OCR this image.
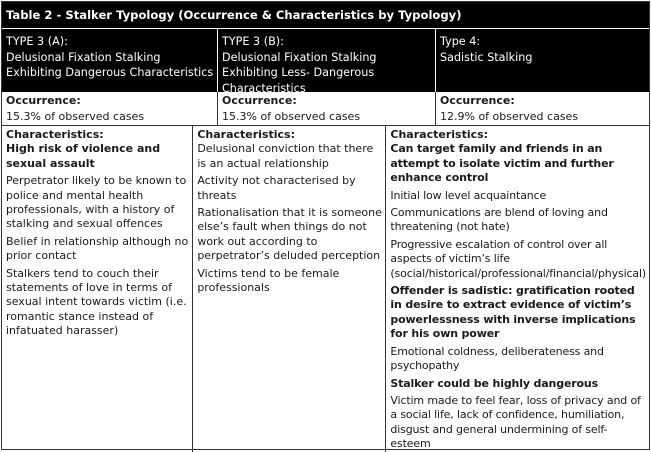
Table 2 - Stalker Typology (Occurrence & Characteristics by Typology)
TYPE 3 (A):
Delusional Fixation Stalking
Exhibiting Dangerous Characteristics
TYPE 3 (B):
Delusional Fixation Stalking
Exhibiting Less- Dangerous Characteristics
Type 4:
Sadistic Stalking
Occurrence:
15.3% of observed cases
Occurrence:
15.3% of observed cases
Occurrence:
12.9% of observed cases
Characteristics:
High risk of violence and sexual assault
Perpetrator likely to be known to police and mental health professionals, with a history of stalking and sexual offences
Belief in relationship although no prior contact
Stalkers tend to couch their statements of love in terms of sexual intent towards victim (i.e. romantic stance instead of infatuated harasser)
Characteristics:
Delusional conviction that there is an actual relationship
Activity not characterised by threats
Rationalisation that it is someone else’s fault when things do not work out according to perpetrator’s deluded perception
Victims tend to be female professionals
Characteristics:
Can target family and friends in an attempt to isolate victim and further enhance control
Initial low level acquaintance
Communications are blend of loving and threatening (not hate)
Progressive escalation of control over all aspects of victim’s life (social/historical/professional/financial/physical)
Offender is sadistic: gratification rooted in desire to extract evidence of victim’s powerlessness with inverse implications for his own power
Emotional coldness, deliberateness and psychopathy
Stalker could be highly dangerous
Victim made to feel fear, loss of privacy and of a social life, lack of confidence, humiliation, disgust and general undermining of self-esteem
